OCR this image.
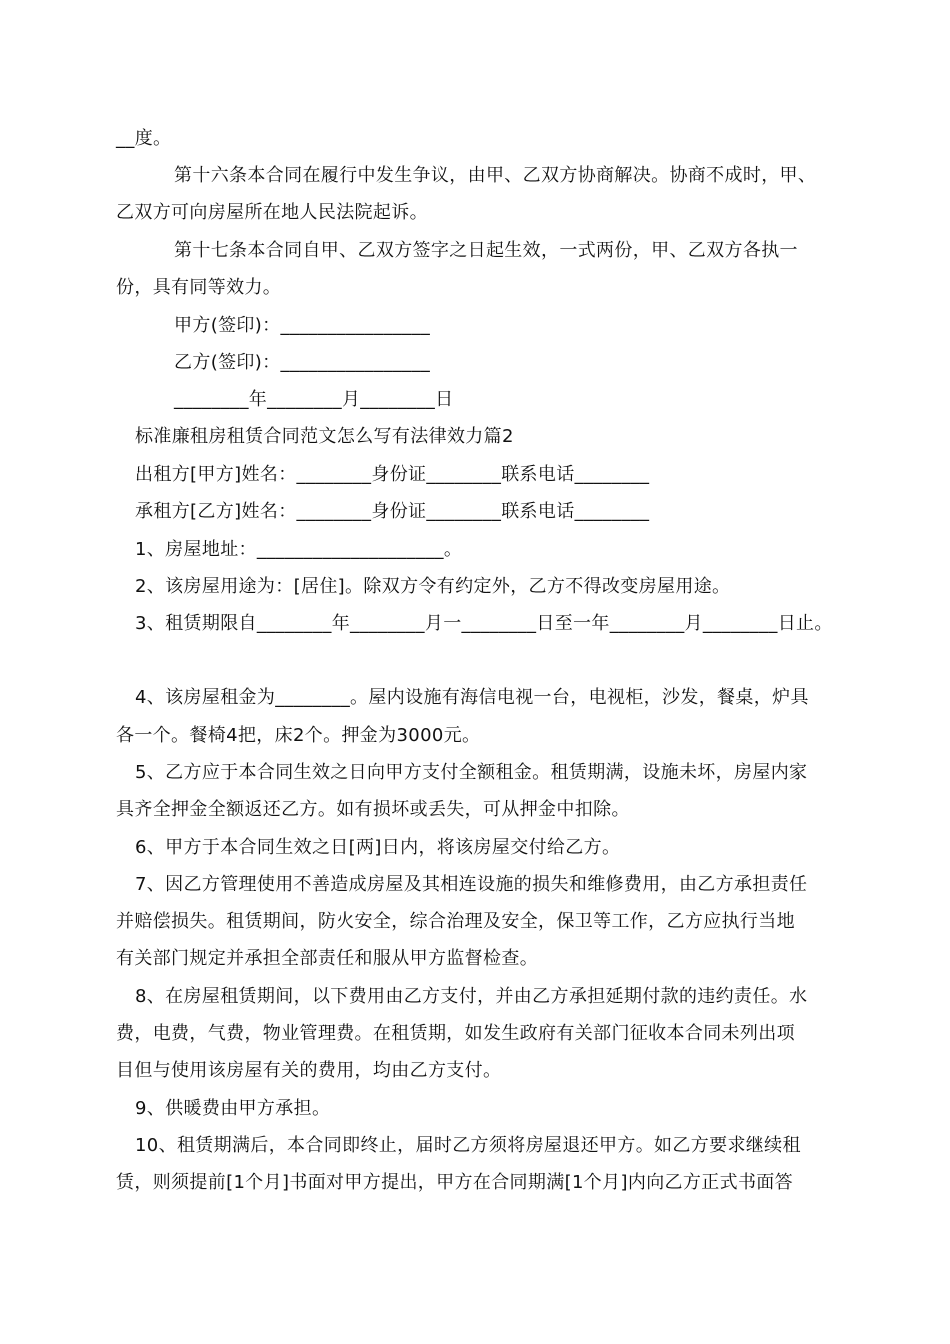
__度。
第十六条本合同在履行中发生争议，由甲、乙双方协商解决。协商不成时，甲、
乙双方可向房屋所在地人民法院起诉。
第十七条本合同自甲、乙双方签字之日起生效，一式两份，甲、乙双方各执一
份，具有同等效力。
甲方(签印)：________________
乙方(签印)：________________
________年________月________日
标准廉租房租赁合同范文怎么写有法律效力篇2
出租方[甲方]姓名：________身份证________联系电话________
承租方[乙方]姓名：________身份证________联系电话________
1、房屋地址：____________________。
2、该房屋用途为：[居住]。除双方令有约定外，乙方不得改变房屋用途。
3、租赁期限自________年________月一________日至一年________月________日止。
4、该房屋租金为________。屋内设施有海信电视一台，电视柜，沙发，餐桌，炉具
各一个。餐椅4把，床2个。押金为3000元。
5、乙方应于本合同生效之日向甲方支付全额租金。租赁期满，设施未坏，房屋内家
具齐全押金全额返还乙方。如有损坏或丢失，可从押金中扣除。
6、甲方于本合同生效之日[两]日内，将该房屋交付给乙方。
7、因乙方管理使用不善造成房屋及其相连设施的损失和维修费用，由乙方承担责任
并赔偿损失。租赁期间，防火安全，综合治理及安全，保卫等工作，乙方应执行当地
有关部门规定并承担全部责任和服从甲方监督检查。
8、在房屋租赁期间，以下费用由乙方支付，并由乙方承担延期付款的违约责任。水
费，电费，气费，物业管理费。在租赁期，如发生政府有关部门征收本合同未列出项
目但与使用该房屋有关的费用，均由乙方支付。
9、供暖费由甲方承担。
10、租赁期满后，本合同即终止，届时乙方须将房屋退还甲方。如乙方要求继续租
赁，则须提前[1个月]书面对甲方提出，甲方在合同期满[1个月]内向乙方正式书面答
